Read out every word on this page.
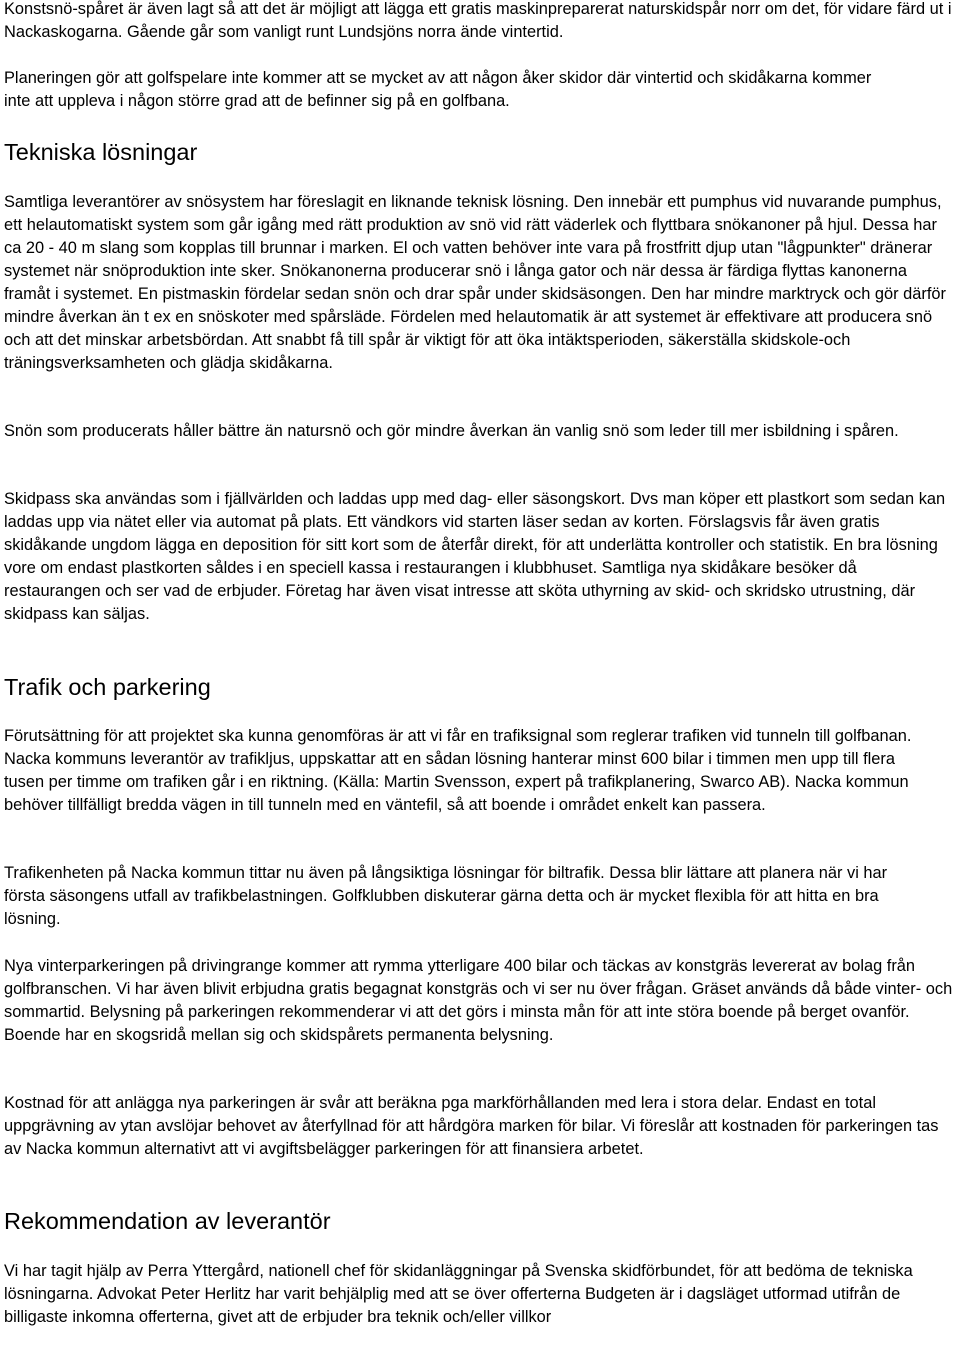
Konstsnö-spåret är även lagt så att det är möjligt att lägga ett gratis maskinpreparerat naturskidspår norr om det, för vidare färd ut i Nackaskogarna. Gående går som vanligt runt Lundsjöns norra ände vintertid.

Planeringen gör att golfspelare inte kommer att se mycket av att någon åker skidor där vintertid och skidåkarna kommer inte att uppleva i någon större grad att de befinner sig på en golfbana.

Tekniska lösningar

Samtliga leverantörer av snösystem har föreslagit en liknande teknisk lösning. Den innebär ett pumphus vid nuvarande pumphus, ett helautomatiskt system som går igång med rätt produktion av snö vid rätt väderlek och flyttbara snökanoner på hjul. Dessa har ca 20 - 40 m slang som kopplas till brunnar i marken. El och vatten behöver inte vara på frostfritt djup utan "lågpunkter" dränerar systemet när snöproduktion inte sker. Snökanonerna producerar snö i långa gator och när dessa är färdiga flyttas kanonerna framåt i systemet. En pistmaskin fördelar sedan snön och drar spår under skidsäsongen. Den har mindre marktryck och gör därför mindre åverkan än t ex en snöskoter med spårsläde. Fördelen med helautomatik är att systemet är effektivare att producera snö och att det minskar arbetsbördan. Att snabbt få till spår är viktigt för att öka intäktsperioden, säkerställa skidskole-och träningsverksamheten och glädja skidåkarna.

Snön som producerats håller bättre än natursnö och gör mindre åverkan än vanlig snö som leder till mer isbildning i spåren.

Skidpass ska användas som i fjällvärlden och laddas upp med dag- eller säsongskort. Dvs man köper ett plastkort som sedan kan laddas upp via nätet eller via automat på plats. Ett vändkors vid starten läser sedan av korten. Förslagsvis får även gratis skidåkande ungdom lägga en deposition för sitt kort som de återfår direkt, för att underlätta kontroller och statistik. En bra lösning vore om endast plastkorten såldes i en speciell kassa i restaurangen i klubbhuset. Samtliga nya skidåkare besöker då restaurangen och ser vad de erbjuder. Företag har även visat intresse att sköta uthyrning av skid- och skridsko utrustning, där skidpass kan säljas.

Trafik och parkering

Förutsättning för att projektet ska kunna genomföras är att vi får en trafiksignal som reglerar trafiken vid tunneln till golfbanan. Nacka kommuns leverantör av trafikljus, uppskattar att en sådan lösning hanterar minst 600 bilar i timmen men upp till flera tusen per timme om trafiken går i en riktning. (Källa: Martin Svensson, expert på trafikplanering, Swarco AB). Nacka kommun behöver tillfälligt bredda vägen in till tunneln med en väntefil, så att boende i området enkelt kan passera.

Trafikenheten på Nacka kommun tittar nu även på långsiktiga lösningar för biltrafik. Dessa blir lättare att planera när vi har första säsongens utfall av trafikbelastningen. Golfklubben diskuterar gärna detta och är mycket flexibla för att hitta en bra lösning.

Nya vinterparkeringen på drivingrange kommer att rymma ytterligare 400 bilar och täckas av konstgräs levererat av bolag från golfbranschen. Vi har även blivit erbjudna gratis begagnat konstgräs och vi ser nu över frågan. Gräset används då både vinter- och sommartid. Belysning på parkeringen rekommenderar vi att det görs i minsta mån för att inte störa boende på berget ovanför. Boende har en skogsridå mellan sig och skidspårets permanenta belysning.

Kostnad för att anlägga nya parkeringen är svår att beräkna pga markförhållanden med lera i stora delar. Endast en total uppgrävning av ytan avslöjar behovet av återfyllnad för att hårdgöra marken för bilar. Vi föreslår att kostnaden för parkeringen tas av Nacka kommun alternativt att vi avgiftsbelägger parkeringen för att finansiera arbetet.

Rekommendation av leverantör

Vi har tagit hjälp av Perra Yttergård, nationell chef för skidanläggningar på Svenska skidförbundet, för att bedöma de tekniska lösningarna. Advokat Peter Herlitz har varit behjälplig med att se över offerterna Budgeten är i dagsläget utformad utifrån de billigaste inkomna offerterna, givet att de erbjuder bra teknik och/eller villkor
